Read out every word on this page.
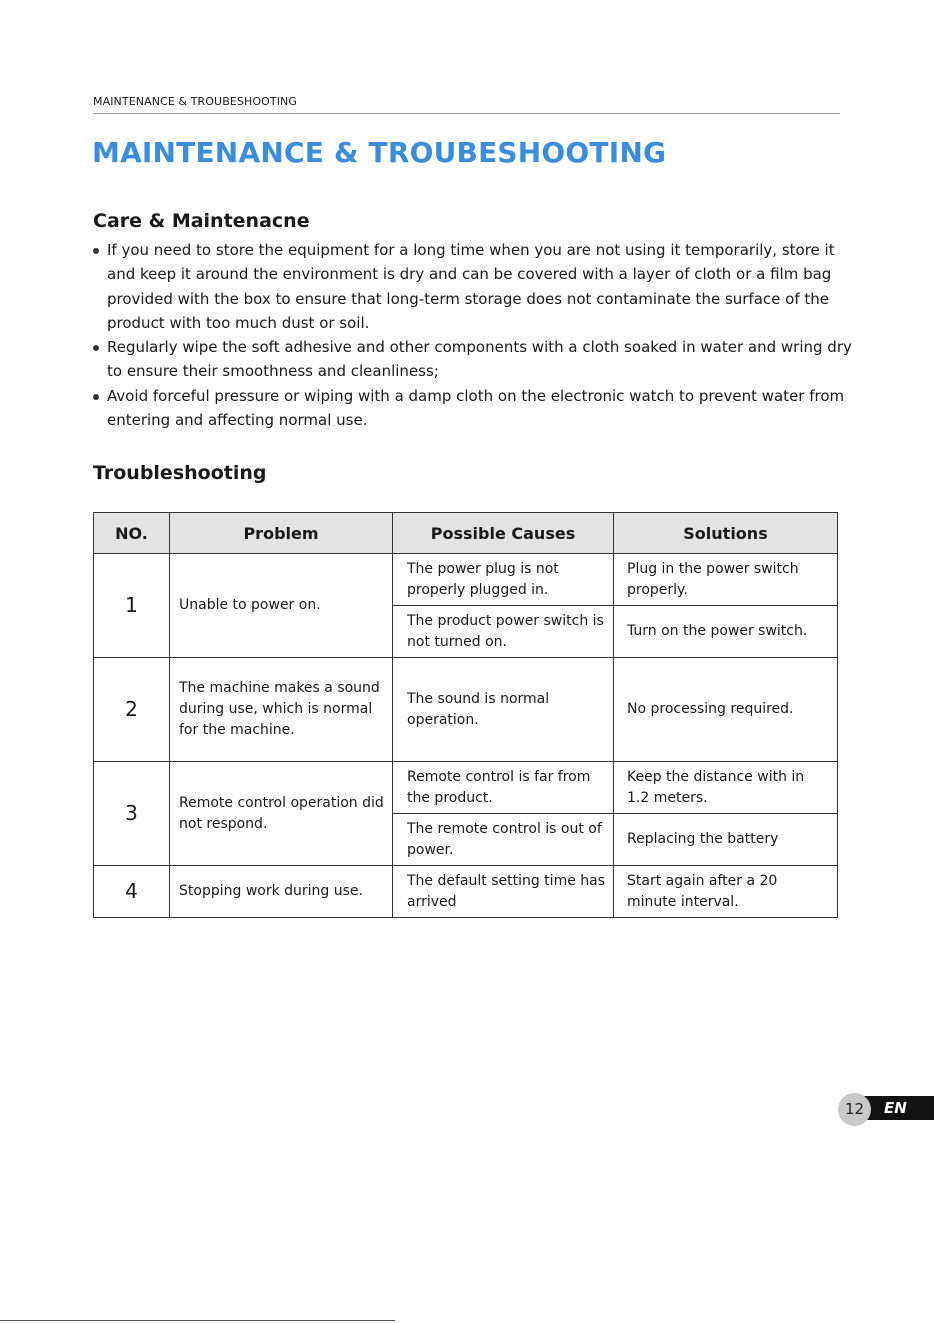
MAINTENANCE & TROUBESHOOTING
MAINTENANCE & TROUBESHOOTING
Care & Maintenacne
If you need to store the equipment for a long time when you are not using it temporarily, store it and keep it around the environment is dry and can be covered with a layer of cloth or a film bag provided with the box to ensure that long-term storage does not contaminate the surface of the product with too much dust or soil.
Regularly wipe the soft adhesive and other components with a cloth soaked in water and wring dry to ensure their smoothness and cleanliness;
Avoid forceful pressure or wiping with a damp cloth on the electronic watch to prevent water from entering and affecting normal use.
Troubleshooting
NO.	Problem	Possible Causes	Solutions
1	Unable to power on.	The power plug is not properly plugged in.	Plug in the power switch properly.
		The product power switch is not turned on.	Turn on the power switch.
2	The machine makes a sound during use, which is normal for the machine.	The sound is normal operation.	No processing required.
3	Remote control operation did not respond.	Remote control is far from the product.	Keep the distance with in 1.2 meters.
		The remote control is out of power.	Replacing the battery
4	Stopping work during use.	The default setting time has arrived	Start again after a 20 minute interval.
12	EN
